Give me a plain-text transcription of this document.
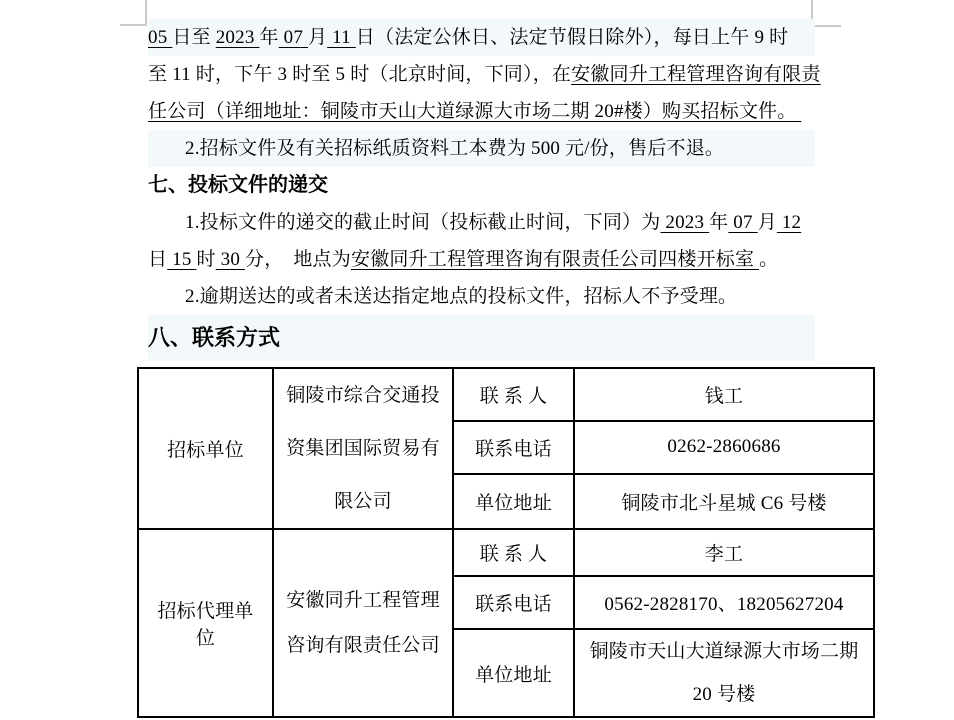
05 日至 2023 年 07 月 11 日（法定公休日、法定节假日除外），每日上午 9 时

至 11 时，下午 3 时至 5 时（北京时间，下同），在安徽同升工程管理咨询有限责

任公司（详细地址：铜陵市天山大道绿源大市场二期 20#楼）购买招标文件。

2.招标文件及有关招标纸质资料工本费为 500 元/份，售后不退。

七、投标文件的递交

1.投标文件的递交的截止时间（投标截止时间，下同）为 2023 年 07 月 12

日 15 时 30 分，  地点为安徽同升工程管理咨询有限责任公司四楼开标室 。

2.逾期送达的或者未送达指定地点的投标文件，招标人不予受理。

八、联系方式
招标单位	铜陵市综合交通投资集团国际贸易有限公司	联 系 人	钱工
		联系电话	0262-2860686
		单位地址	铜陵市北斗星城 C6 号楼
招标代理单位	安徽同升工程管理咨询有限责任公司	联 系 人	李工
		联系电话	0562-2828170、18205627204
		单位地址	铜陵市天山大道绿源大市场二期 20 号楼
